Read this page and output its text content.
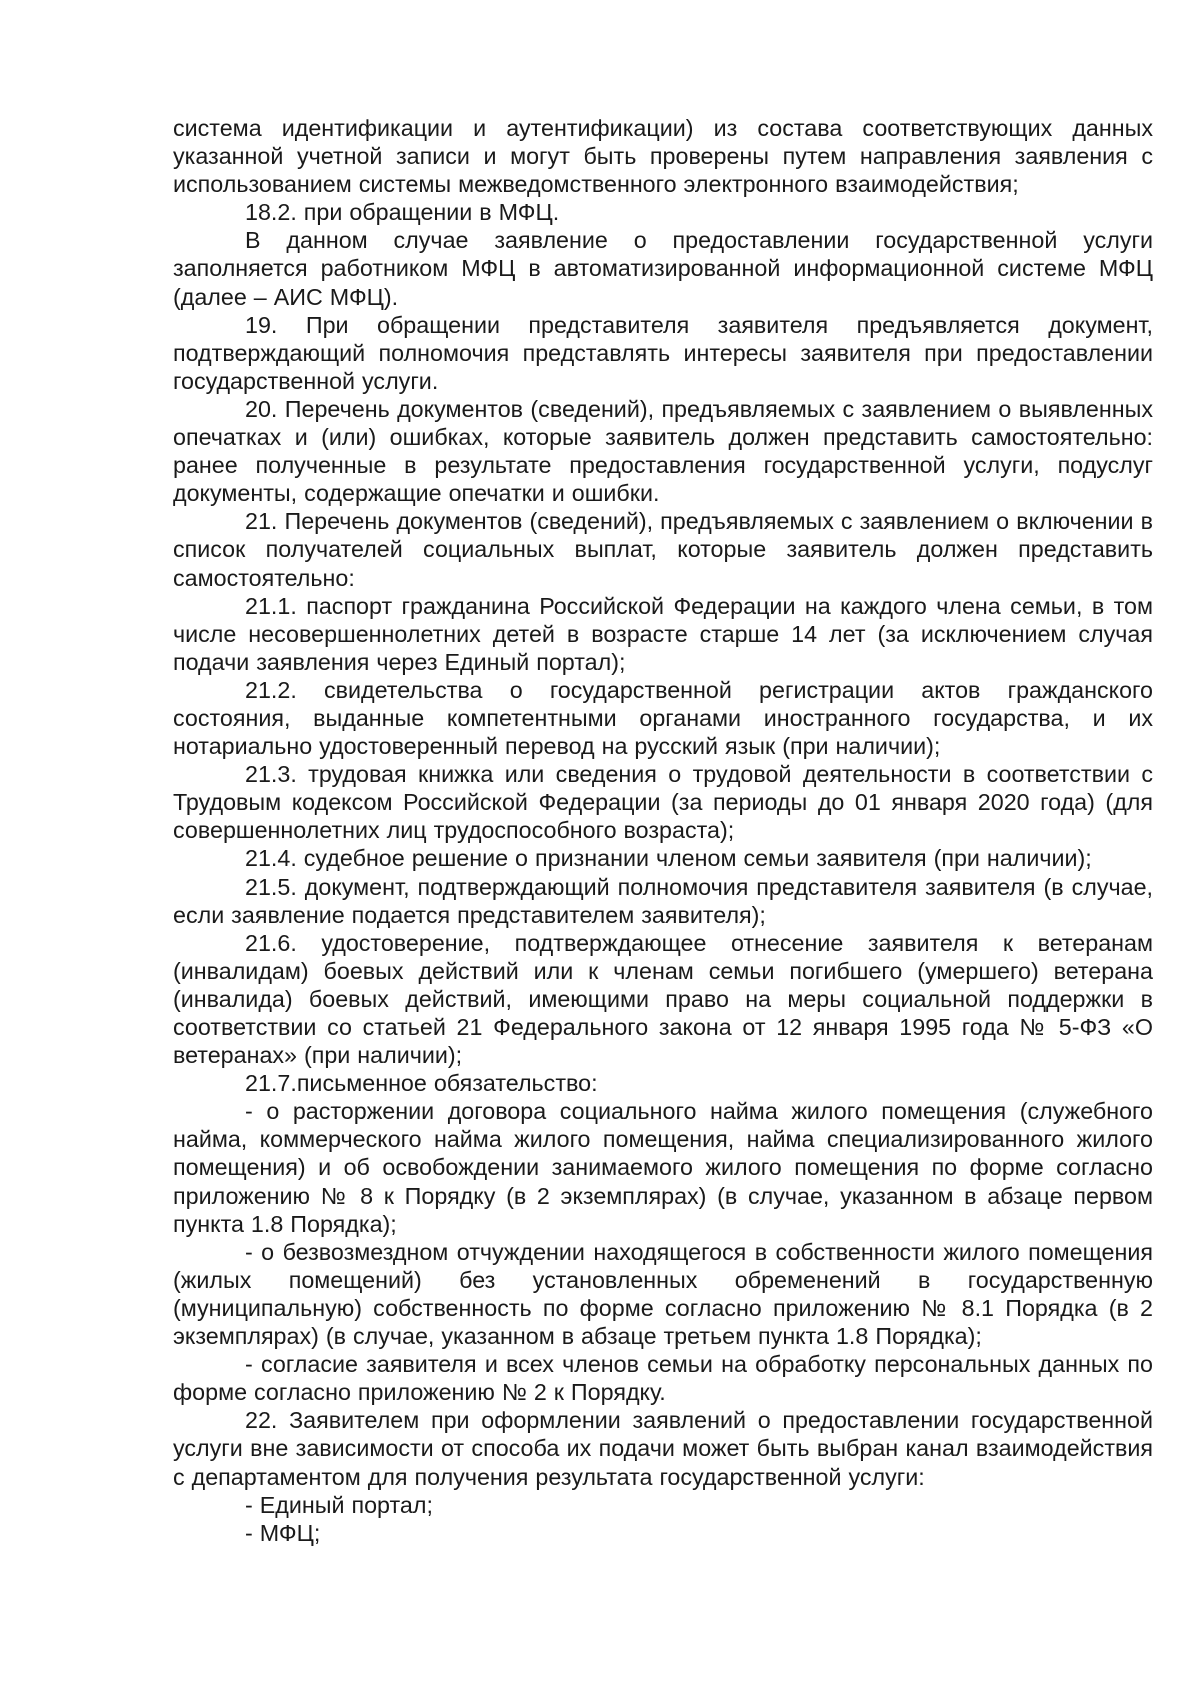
система идентификации и аутентификации) из состава соответствующих данных указанной учетной записи и могут быть проверены путем направления заявления с использованием системы межведомственного электронного взаимодействия;

18.2. при обращении в МФЦ.

В данном случае заявление о предоставлении государственной услуги заполняется работником МФЦ в автоматизированной информационной системе МФЦ (далее – АИС МФЦ).

19. При обращении представителя заявителя предъявляется документ, подтверждающий полномочия представлять интересы заявителя при предоставлении государственной услуги.

20. Перечень документов (сведений), предъявляемых с заявлением о выявленных опечатках и (или) ошибках, которые заявитель должен представить самостоятельно: ранее полученные в результате предоставления государственной услуги, подуслуг документы, содержащие опечатки и ошибки.

21. Перечень документов (сведений), предъявляемых с заявлением о включении в список получателей социальных выплат, которые заявитель должен представить самостоятельно:

21.1. паспорт гражданина Российской Федерации на каждого члена семьи, в том числе несовершеннолетних детей в возрасте старше 14 лет (за исключением случая подачи заявления через Единый портал);

21.2. свидетельства о государственной регистрации актов гражданского состояния, выданные компетентными органами иностранного государства, и их нотариально удостоверенный перевод на русский язык (при наличии);

21.3. трудовая книжка или сведения о трудовой деятельности в соответствии с Трудовым кодексом Российской Федерации (за периоды до 01 января 2020 года) (для совершеннолетних лиц трудоспособного возраста);

21.4. судебное решение о признании членом семьи заявителя (при наличии);

21.5. документ, подтверждающий полномочия представителя заявителя (в случае, если заявление подается представителем заявителя);

21.6. удостоверение, подтверждающее отнесение заявителя к ветеранам (инвалидам) боевых действий или к членам семьи погибшего (умершего) ветерана (инвалида) боевых действий, имеющими право на меры социальной поддержки в соответствии со статьей 21 Федерального закона от 12 января 1995 года № 5-ФЗ «О ветеранах» (при наличии);

21.7.письменное обязательство:

- о расторжении договора социального найма жилого помещения (служебного найма, коммерческого найма жилого помещения, найма специализированного жилого помещения) и об освобождении занимаемого жилого помещения по форме согласно приложению № 8 к Порядку (в 2 экземплярах) (в случае, указанном в абзаце первом пункта 1.8 Порядка);

- о безвозмездном отчуждении находящегося в собственности жилого помещения (жилых помещений) без установленных обременений в государственную (муниципальную) собственность по форме согласно приложению № 8.1 Порядка (в 2 экземплярах) (в случае, указанном в абзаце третьем пункта 1.8 Порядка);

- согласие заявителя и всех членов семьи на обработку персональных данных по форме согласно приложению № 2 к Порядку.

22. Заявителем при оформлении заявлений о предоставлении государственной услуги вне зависимости от способа их подачи может быть выбран канал взаимодействия с департаментом для получения результата государственной услуги:

- Единый портал;

- МФЦ;
